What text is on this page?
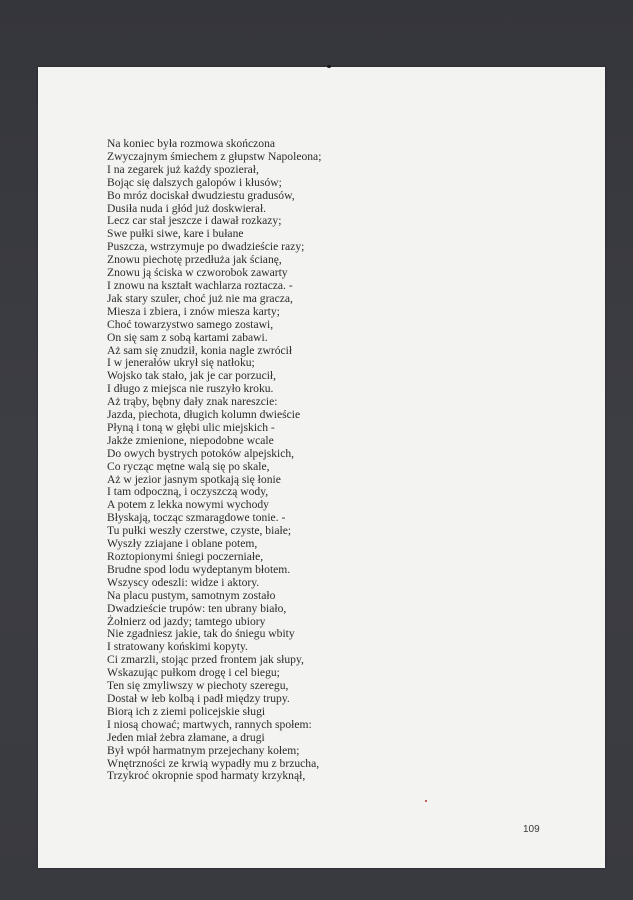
Na koniec była rozmowa skończona
Zwyczajnym śmiechem z głupstw Napoleona;
I na zegarek już każdy spozierał,
Bojąc się dalszych galopów i kłusów;
Bo mróz dociskał dwudziestu gradusów,
Dusiła nuda i głód już doskwierał.
Lecz car stał jeszcze i dawał rozkazy;
Swe pułki siwe, kare i bułane
Puszcza, wstrzymuje po dwadzieście razy;
Znowu piechotę przedłuża jak ścianę,
Znowu ją ściska w czworobok zawarty
I znowu na kształt wachlarza roztacza. -
Jak stary szuler, choć już nie ma gracza,
Miesza i zbiera, i znów miesza karty;
Choć towarzystwo samego zostawi,
On się sam z sobą kartami zabawi.
Aż sam się znudził, konia nagle zwrócił
I w jenerałów ukrył się natłoku;
Wojsko tak stało, jak je car porzucił,
I długo z miejsca nie ruszyło kroku.
Aż trąby, bębny dały znak nareszcie:
Jazda, piechota, długich kolumn dwieście
Płyną i toną w głębi ulic miejskich -
Jakże zmienione, niepodobne wcale
Do owych bystrych potoków alpejskich,
Co rycząc mętne walą się po skale,
Aż w jezior jasnym spotkają się łonie
I tam odpoczną, i oczyszczą wody,
A potem z lekka nowymi wychody
Błyskają, tocząc szmaragdowe tonie. -
Tu pułki weszły czerstwe, czyste, białe;
Wyszły zziajane i oblane potem,
Roztopionymi śniegi poczerniałe,
Brudne spod lodu wydeptanym błotem.
Wszyscy odeszli: widze i aktory.
Na placu pustym, samotnym zostało
Dwadzieście trupów: ten ubrany biało,
Żołnierz od jazdy; tamtego ubiory
Nie zgadniesz jakie, tak do śniegu wbity
I stratowany końskimi kopyty.
Ci zmarzli, stojąc przed frontem jak słupy,
Wskazując pułkom drogę i cel biegu;
Ten się zmyliwszy w piechoty szeregu,
Dostał w łeb kolbą i padł między trupy.
Biorą ich z ziemi policejskie sługi
I niosą chować; martwych, rannych społem:
Jeden miał żebra złamane, a drugi
Był wpół harmatnym przejechany kołem;
Wnętrzności ze krwią wypadły mu z brzucha,
Trzykroć okropnie spod harmaty krzyknął,
109
